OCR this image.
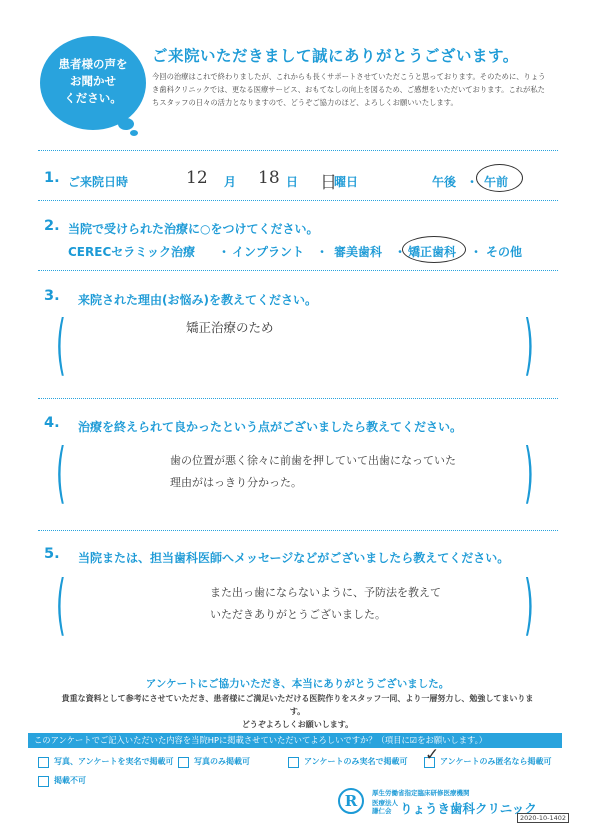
患者様の声を
お聞かせ
ください。
ご来院いただきまして誠にありがとうございます。
今回の治療はこれで終わりましたが、これからも長くサポートさせていただこうと思っております。そのために、りょうき歯科クリニックでは、更なる医療サービス、おもてなしの向上を図るため、ご感想をいただいております。これが私たちスタッフの日々の活力となりますので、どうぞご協力のほど、よろしくお願いいたします。
1. ご来院日時	12 月 18 日 日
曜日	午後 ・ 午前
2. 当院で受けられた治療に○をつけてください。
CERECセラミック治療 ・ インプラント ・ 審美歯科 ・ 矯正歯科 ・ その他
3. 来院された理由(お悩み)を教えてください。
(	)
矯正治療のため
4. 治療を終えられて良かったという点がございましたら教えてください。
(	)
歯の位置が悪く徐々に前歯を押していて出歯になっていた
理由がはっきり分かった。
5. 当院または、担当歯科医師へメッセージなどがございましたら教えてください。
(	)
また出っ歯にならないように、予防法を教えて
いただきありがとうございました。
アンケートにご協力いただき、本当にありがとうございました。
貴重な資料として参考にさせていただき、患者様にご満足いただける医院作りをスタッフ一同、より一層努力し、勉強してまいります。
どうぞよろしくお願いします。
このアンケートでご記入いただいた内容を当院HPに掲載させていただいてよろしいですか？（項目に☑をお願いします。）
写真、アンケートを実名で掲載可	写真のみ掲載可	アンケートのみ実名で掲載可 ✓ アンケートのみ匿名なら掲載可
掲載不可
R	厚生労働省指定臨床研修医療機関
医療法人
謙仁会 りょうき歯科クリニック
2020-10-1402
